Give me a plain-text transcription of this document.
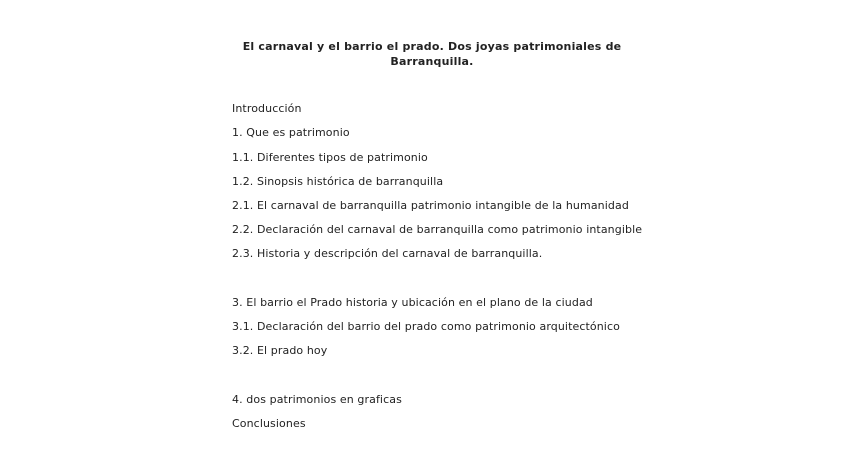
El carnaval y el barrio el prado. Dos joyas patrimoniales de
Barranquilla.
Introducción
1. Que es patrimonio
1.1. Diferentes tipos de patrimonio
1.2. Sinopsis histórica de barranquilla
2.1. El carnaval de barranquilla patrimonio intangible de la humanidad
2.2. Declaración del carnaval de barranquilla como patrimonio intangible
2.3. Historia y descripción del carnaval de barranquilla.
3. El barrio el Prado historia y ubicación en el plano de la ciudad
3.1. Declaración del barrio del prado como patrimonio arquitectónico
3.2. El prado hoy
4. dos patrimonios en graficas
Conclusiones
